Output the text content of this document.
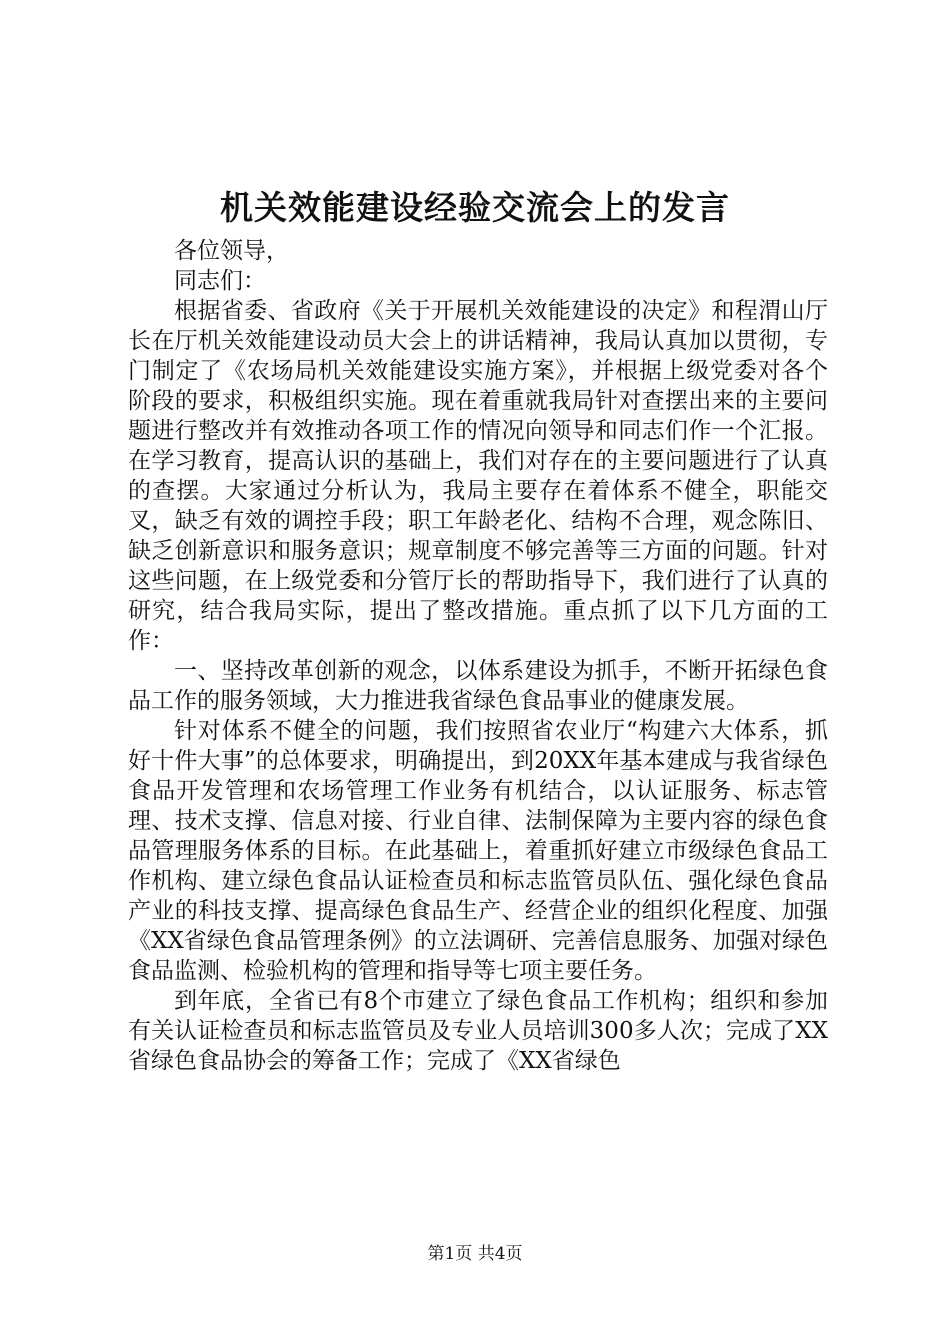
机关效能建设经验交流会上的发言

各位领导，

同志们：

根据省委、省政府《关于开展机关效能建设的决定》和程渭山厅长在厅机关效能建设动员大会上的讲话精神，我局认真加以贯彻，专门制定了《农场局机关效能建设实施方案》，并根据上级党委对各个阶段的要求，积极组织实施。现在着重就我局针对查摆出来的主要问题进行整改并有效推动各项工作的情况向领导和同志们作一个汇报。在学习教育，提高认识的基础上，我们对存在的主要问题进行了认真的查摆。大家通过分析认为，我局主要存在着体系不健全，职能交叉，缺乏有效的调控手段；职工年龄老化、结构不合理，观念陈旧、缺乏创新意识和服务意识；规章制度不够完善等三方面的问题。针对这些问题，在上级党委和分管厅长的帮助指导下，我们进行了认真的研究，结合我局实际，提出了整改措施。重点抓了以下几方面的工作：

一、坚持改革创新的观念，以体系建设为抓手，不断开拓绿色食品工作的服务领域，大力推进我省绿色食品事业的健康发展。

针对体系不健全的问题，我们按照省农业厅“构建六大体系，抓好十件大事”的总体要求，明确提出，到20XX年基本建成与我省绿色食品开发管理和农场管理工作业务有机结合，以认证服务、标志管理、技术支撑、信息对接、行业自律、法制保障为主要内容的绿色食品管理服务体系的目标。在此基础上，着重抓好建立市级绿色食品工作机构、建立绿色食品认证检查员和标志监管员队伍、强化绿色食品产业的科技支撑、提高绿色食品生产、经营企业的组织化程度、加强《XX省绿色食品管理条例》的立法调研、完善信息服务、加强对绿色食品监测、检验机构的管理和指导等七项主要任务。

到年底，全省已有8个市建立了绿色食品工作机构；组织和参加有关认证检查员和标志监管员及专业人员培训300多人次；完成了XX省绿色食品协会的筹备工作；完成了《XX省绿色

第1页 共4页
